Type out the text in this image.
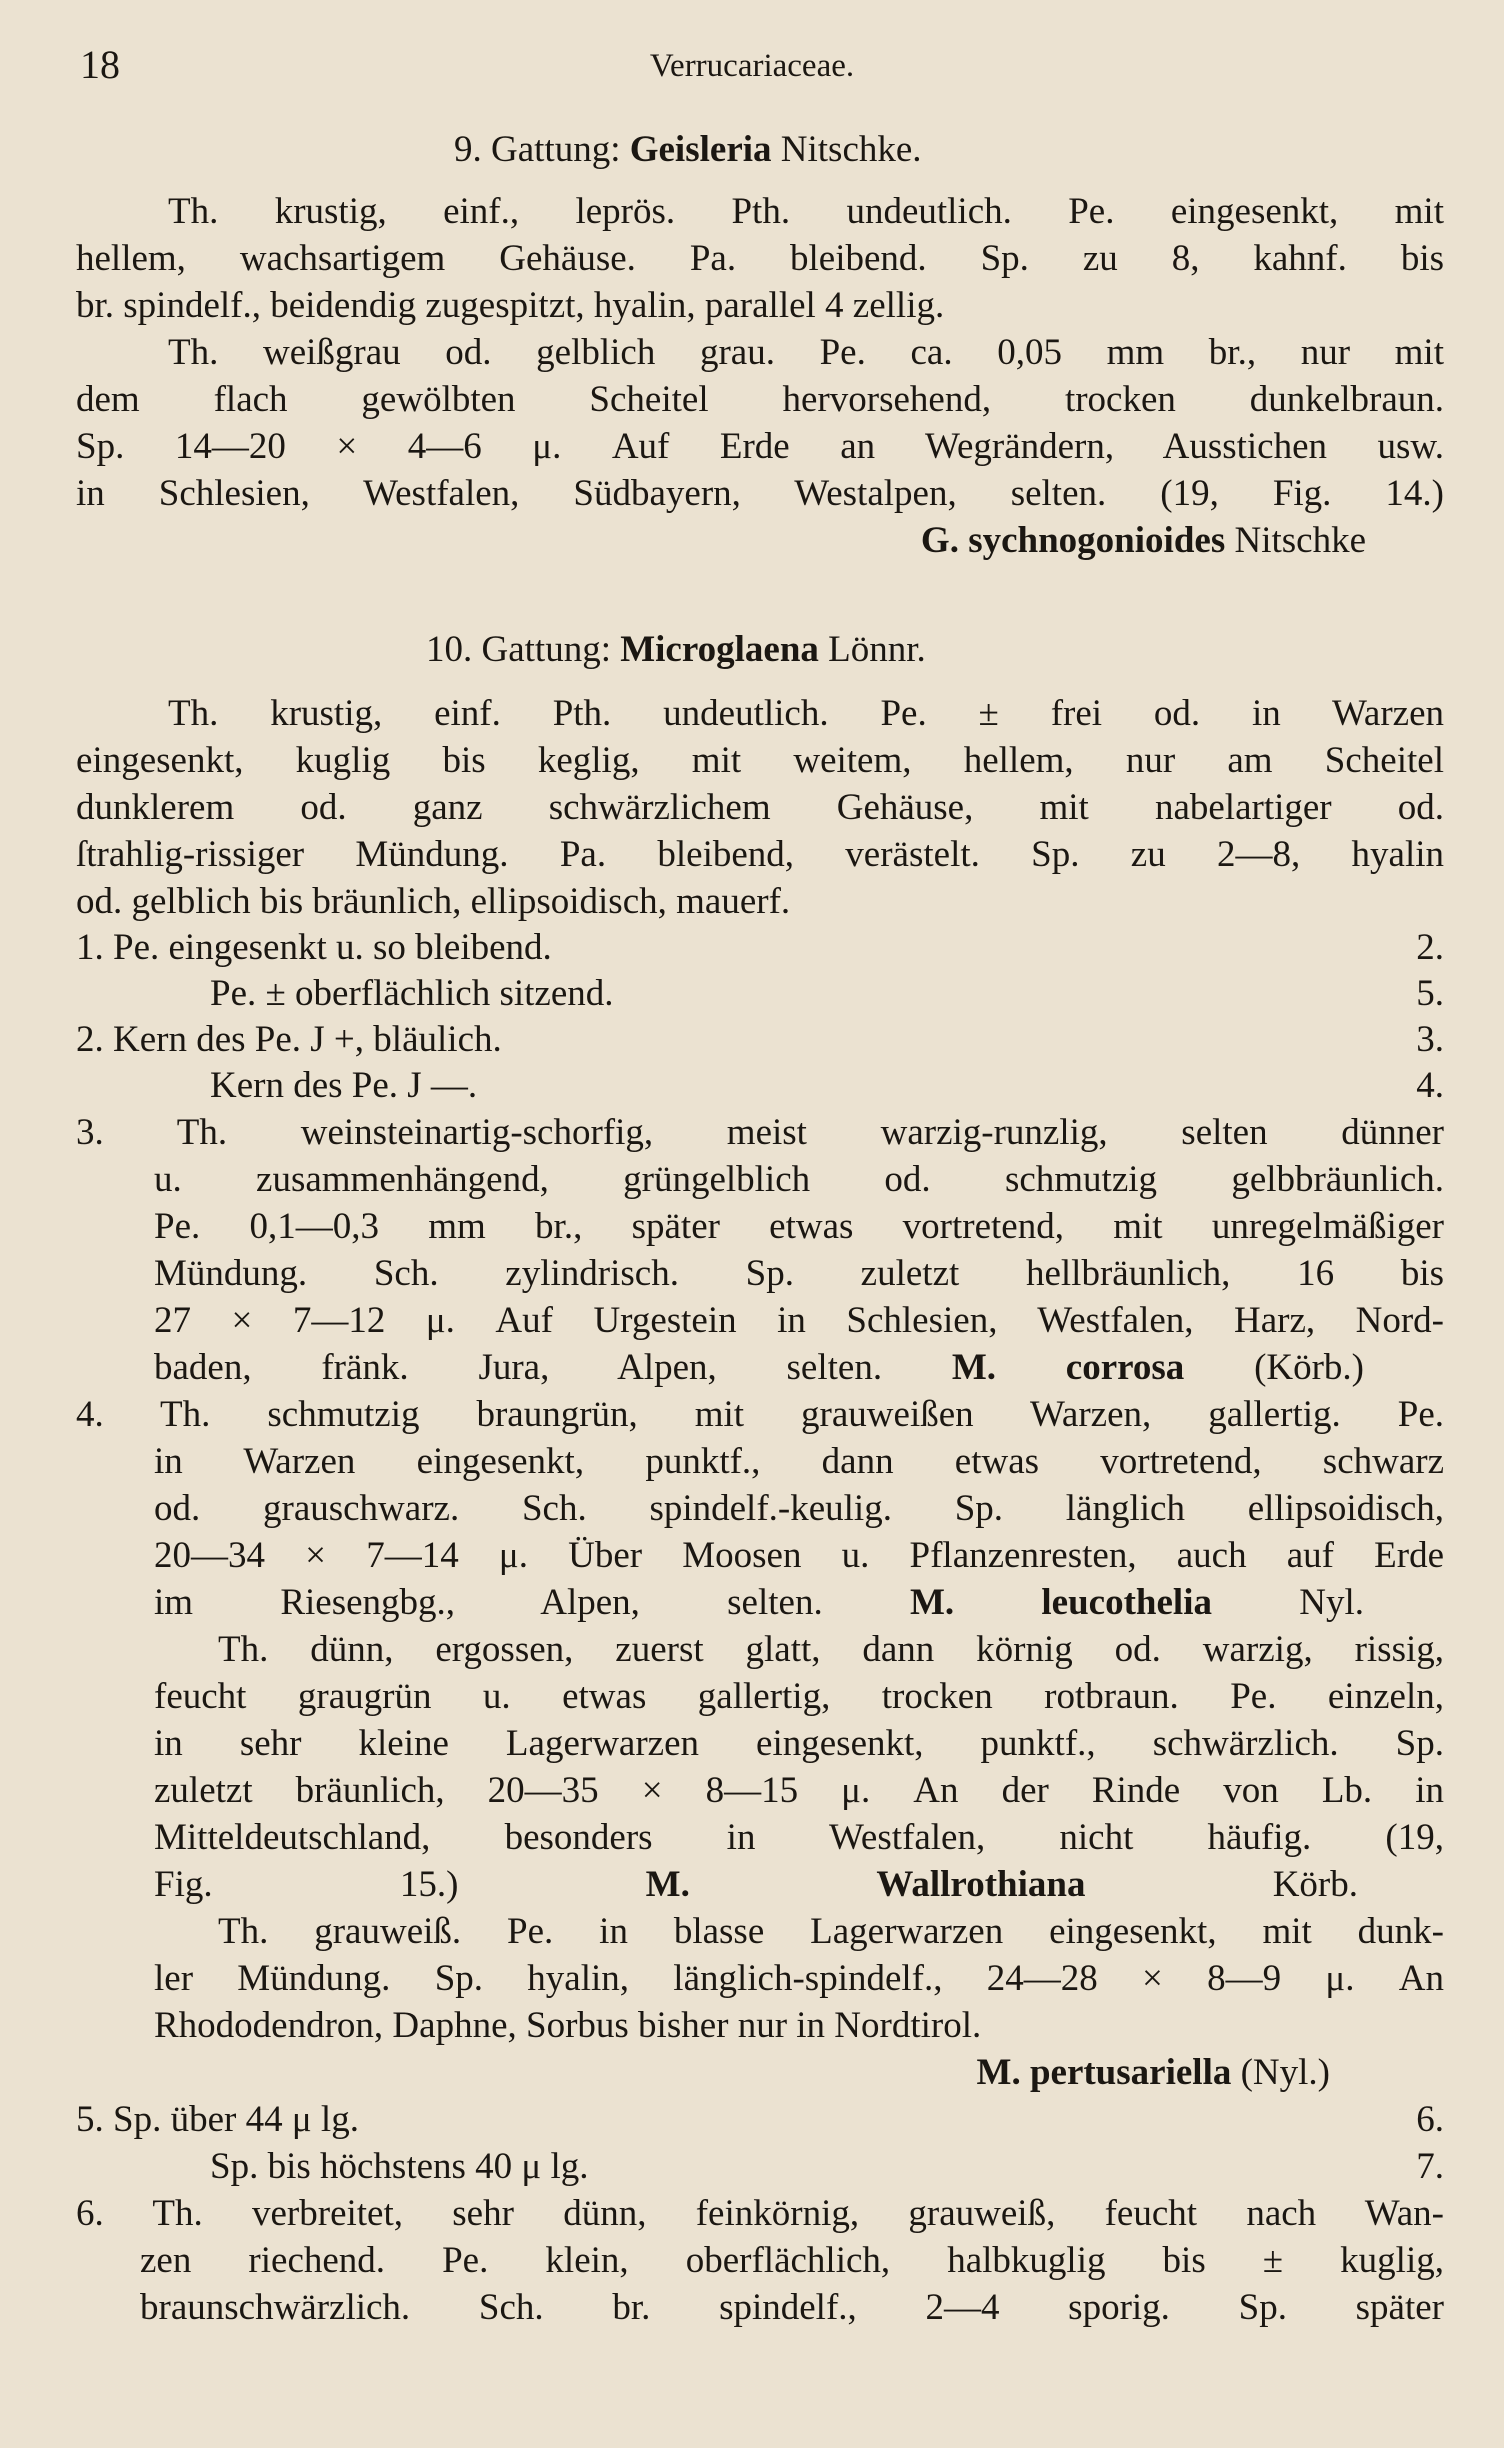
18	Verrucariaceae.
9. Gattung: Geisleria Nitschke.
Th. krustig, einf., leprös. Pth. undeutlich. Pe. eingesenkt, mit
hellem, wachsartigem Gehäuse. Pa. bleibend. Sp. zu 8, kahnf. bis
br. spindelf., beidendig zugespitzt, hyalin, parallel 4 zellig.
Th. weißgrau od. gelblich grau. Pe. ca. 0,05 mm br., nur mit
dem flach gewölbten Scheitel hervorsehend, trocken dunkelbraun.
Sp. 14—20 × 4—6 μ. Auf Erde an Wegrändern, Ausstichen usw.
in Schlesien, Westfalen, Südbayern, Westalpen, selten. (19, Fig. 14.)
G. sychnogonioides Nitschke
10. Gattung: Microglaena Lönnr.
Th. krustig, einf. Pth. undeutlich. Pe. ± frei od. in Warzen
eingesenkt, kuglig bis keglig, mit weitem, hellem, nur am Scheitel
dunklerem od. ganz schwärzlichem Gehäuse, mit nabelartiger od.
ſtrahlig-rissiger Mündung. Pa. bleibend, verästelt. Sp. zu 2—8, hyalin
od. gelblich bis bräunlich, ellipsoidisch, mauerf.
1. Pe. eingesenkt u. so bleibend.	2.
Pe. ± oberflächlich sitzend.	5.
2. Kern des Pe. J +, bläulich.	3.
Kern des Pe. J —.	4.
3. Th. weinsteinartig-schorfig, meist warzig-runzlig, selten dünner
u. zusammenhängend, grüngelblich od. schmutzig gelbbräunlich.
Pe. 0,1—0,3 mm br., später etwas vortretend, mit unregelmäßiger
Mündung. Sch. zylindrisch. Sp. zuletzt hellbräunlich, 16 bis
27 × 7—12 μ. Auf Urgestein in Schlesien, Westfalen, Harz, Nord-
baden, fränk. Jura, Alpen, selten. M. corrosa (Körb.)
4. Th. schmutzig braungrün, mit grauweißen Warzen, gallertig. Pe.
in Warzen eingesenkt, punktf., dann etwas vortretend, schwarz
od. grauschwarz. Sch. spindelf.-keulig. Sp. länglich ellipsoidisch,
20—34 × 7—14 μ. Über Moosen u. Pflanzenresten, auch auf Erde
im Riesengbg., Alpen, selten. M. leucothelia Nyl.
Th. dünn, ergossen, zuerst glatt, dann körnig od. warzig, rissig,
feucht graugrün u. etwas gallertig, trocken rotbraun. Pe. einzeln,
in sehr kleine Lagerwarzen eingesenkt, punktf., schwärzlich. Sp.
zuletzt bräunlich, 20—35 × 8—15 μ. An der Rinde von Lb. in
Mitteldeutschland, besonders in Westfalen, nicht häufig. (19,
Fig. 15.) M. Wallrothiana Körb.
Th. grauweiß. Pe. in blasse Lagerwarzen eingesenkt, mit dunk-
ler Mündung. Sp. hyalin, länglich-spindelf., 24—28 × 8—9 μ. An
Rhododendron, Daphne, Sorbus bisher nur in Nordtirol.
M. pertusariella (Nyl.)
5. Sp. über 44 μ lg.	6.
Sp. bis höchstens 40 μ lg.	7.
6. Th. verbreitet, sehr dünn, feinkörnig, grauweiß, feucht nach Wan-
zen riechend. Pe. klein, oberflächlich, halbkuglig bis ± kuglig,
braunschwärzlich. Sch. br. spindelf., 2—4 sporig. Sp. später
